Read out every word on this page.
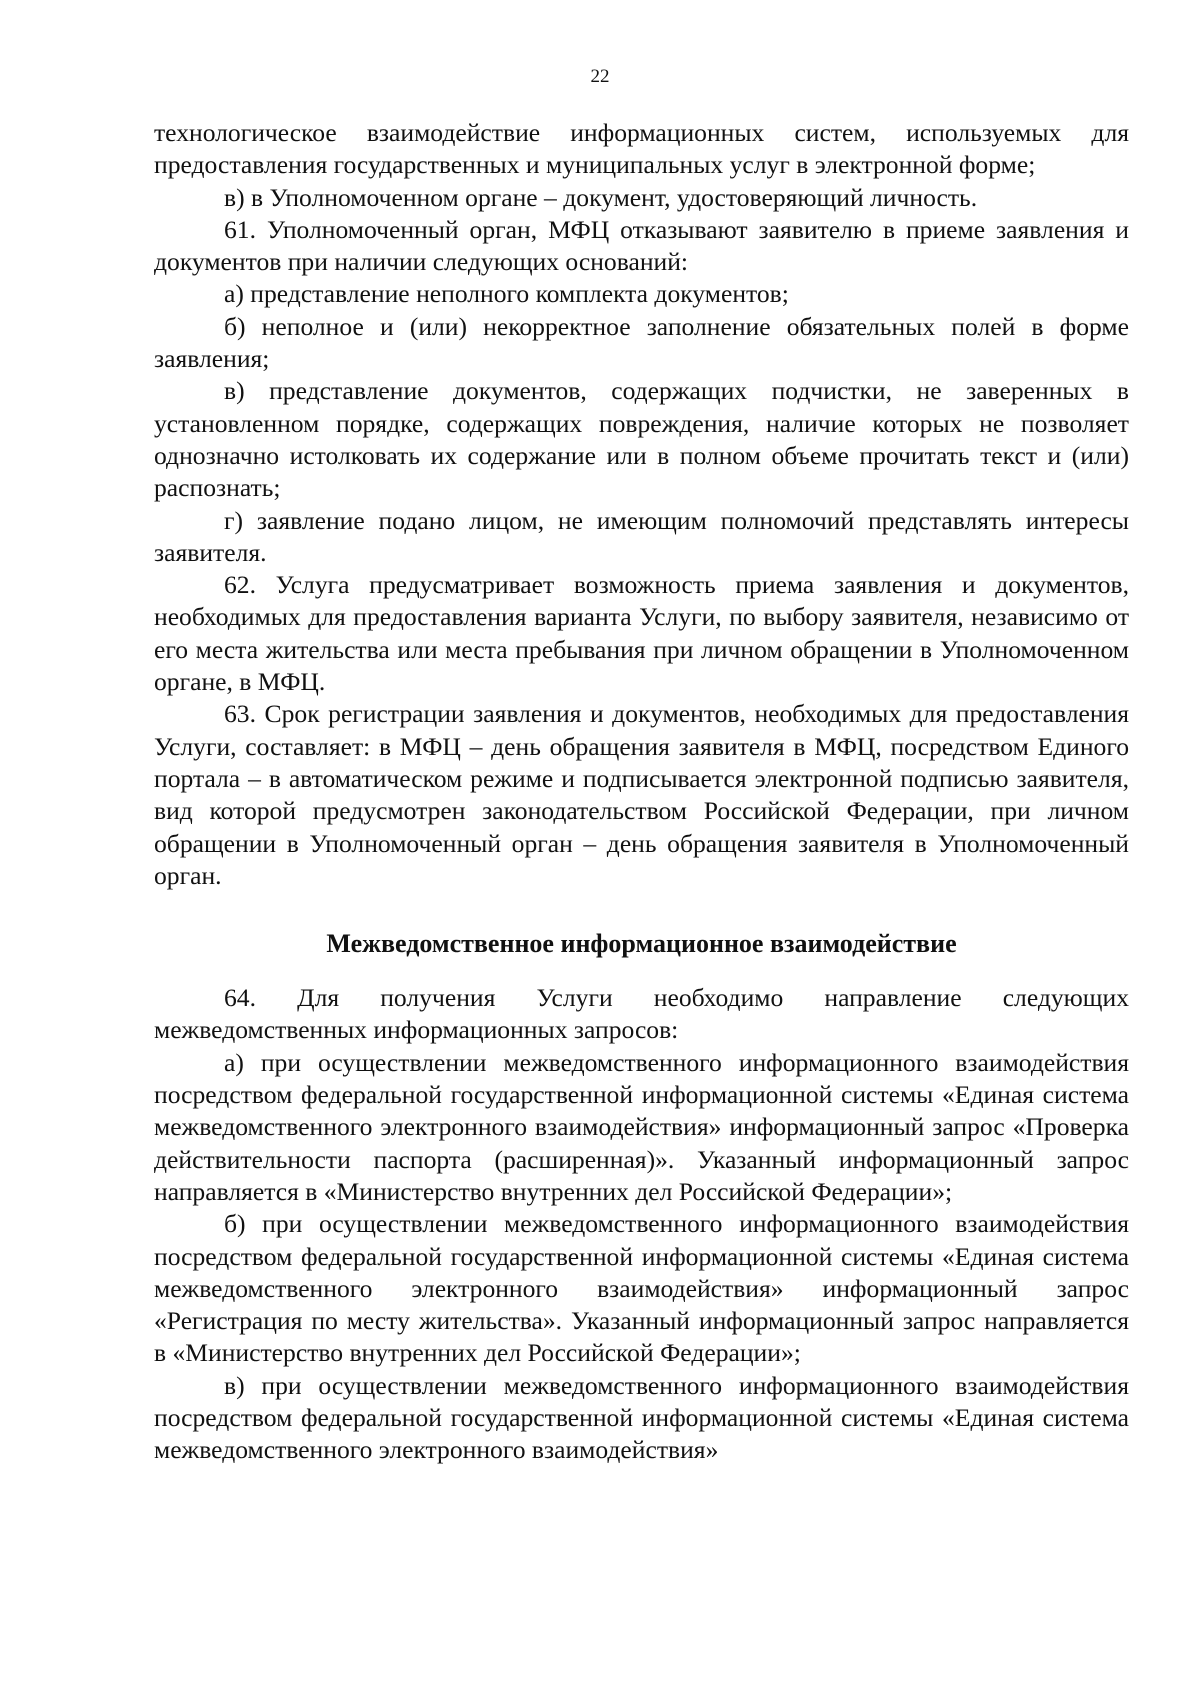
22

технологическое взаимодействие информационных систем, используемых для предоставления государственных и муниципальных услуг в электронной форме;

в) в Уполномоченном органе – документ, удостоверяющий личность.

61. Уполномоченный орган, МФЦ отказывают заявителю в приеме заявления и документов при наличии следующих оснований:

а) представление неполного комплекта документов;

б) неполное и (или) некорректное заполнение обязательных полей в форме заявления;

в) представление документов, содержащих подчистки, не заверенных в установленном порядке, содержащих повреждения, наличие которых не позволяет однозначно истолковать их содержание или в полном объеме прочитать текст и (или) распознать;

г) заявление подано лицом, не имеющим полномочий представлять интересы заявителя.

62. Услуга предусматривает возможность приема заявления и документов, необходимых для предоставления варианта Услуги, по выбору заявителя, независимо от его места жительства или места пребывания при личном обращении в Уполномоченном органе, в МФЦ.

63. Срок регистрации заявления и документов, необходимых для предоставления Услуги, составляет: в МФЦ – день обращения заявителя в МФЦ, посредством Единого портала – в автоматическом режиме и подписывается электронной подписью заявителя, вид которой предусмотрен законодательством Российской Федерации, при личном обращении в Уполномоченный орган – день обращения заявителя в Уполномоченный орган.

Межведомственное информационное взаимодействие

64. Для получения Услуги необходимо направление следующих межведомственных информационных запросов:

а) при осуществлении межведомственного информационного взаимодействия посредством федеральной государственной информационной системы «Единая система межведомственного электронного взаимодействия» информационный запрос «Проверка действительности паспорта (расширенная)». Указанный информационный запрос направляется в «Министерство внутренних дел Российской Федерации»;

б) при осуществлении межведомственного информационного взаимодействия посредством федеральной государственной информационной системы «Единая система межведомственного электронного взаимодействия» информационный запрос «Регистрация по месту жительства». Указанный информационный запрос направляется в «Министерство внутренних дел Российской Федерации»;

в) при осуществлении межведомственного информационного взаимодействия посредством федеральной государственной информационной системы «Единая система межведомственного электронного взаимодействия»
